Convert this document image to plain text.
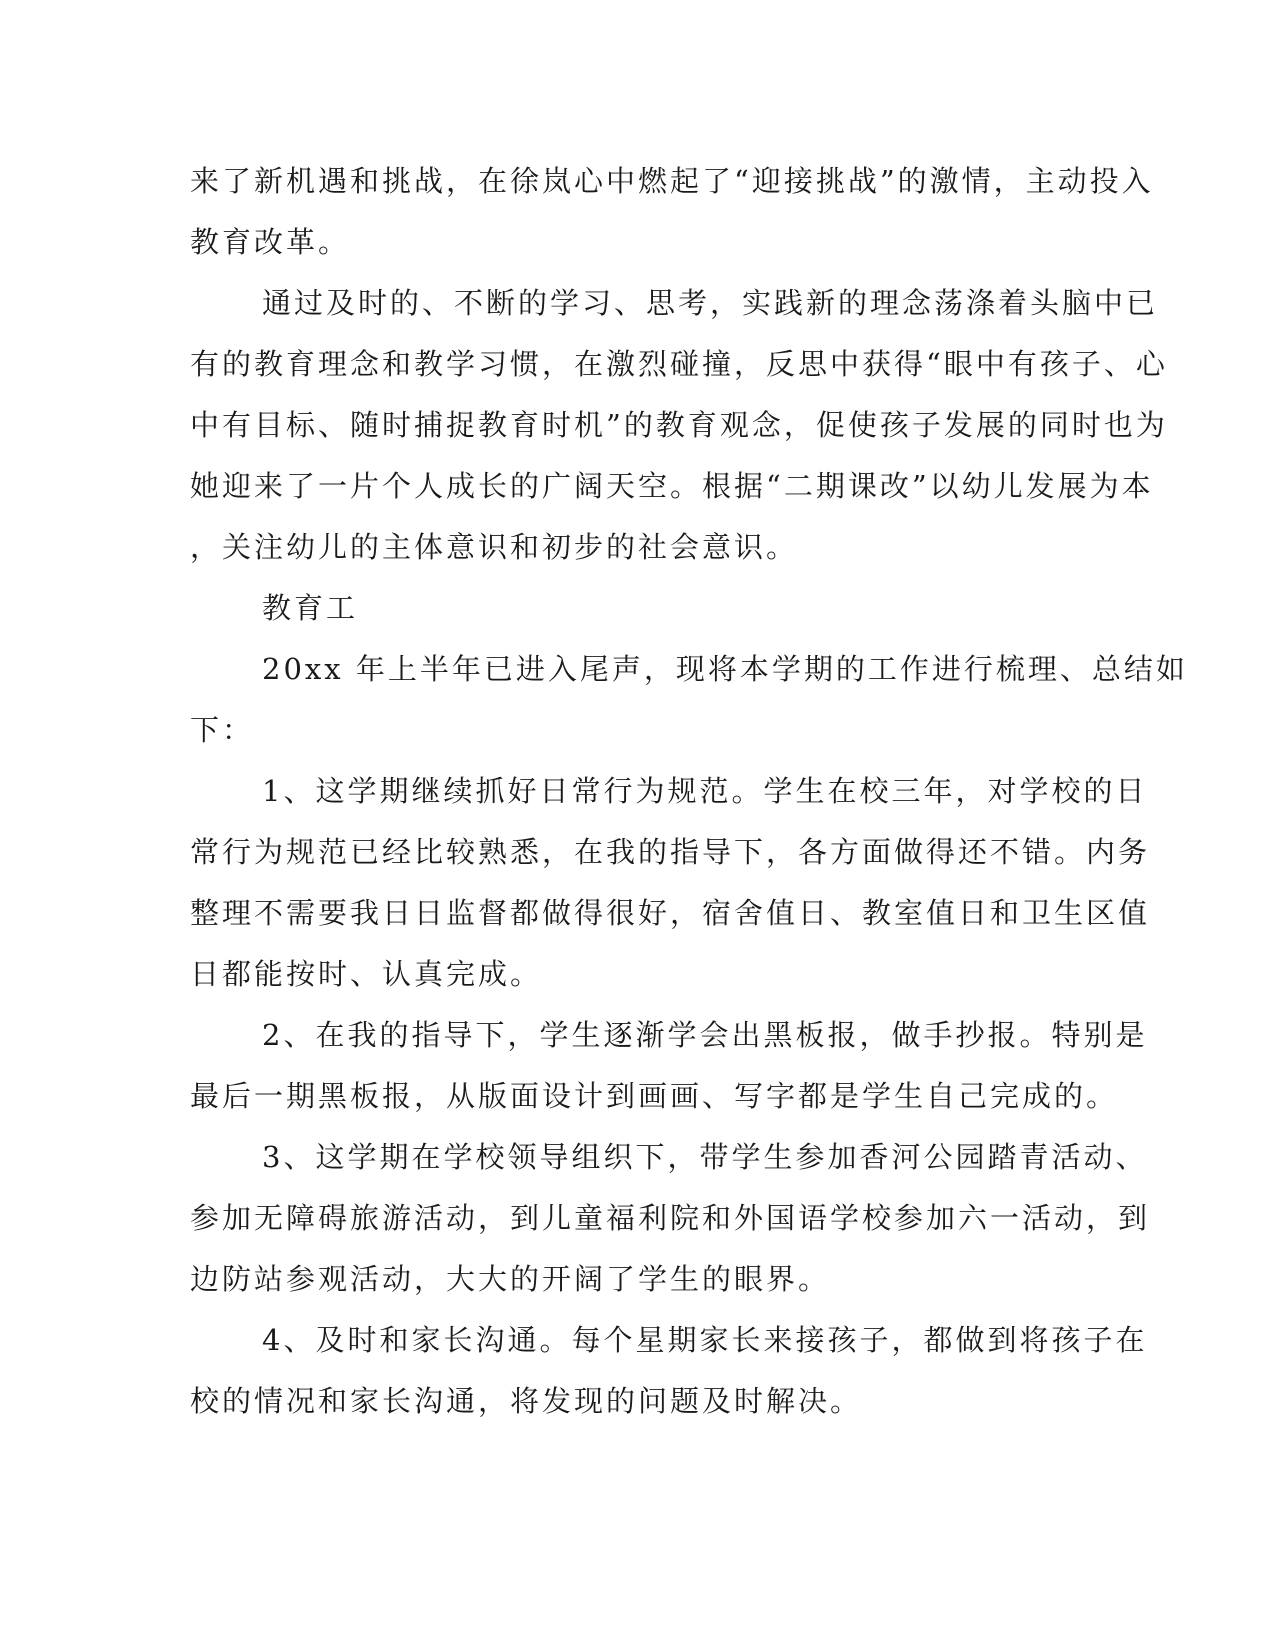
来了新机遇和挑战，在徐岚心中燃起了“迎接挑战”的激情，主动投入
教育改革。
通过及时的、不断的学习、思考，实践新的理念荡涤着头脑中已
有的教育理念和教学习惯，在激烈碰撞，反思中获得“眼中有孩子、心
中有目标、随时捕捉教育时机”的教育观念，促使孩子发展的同时也为
她迎来了一片个人成长的广阔天空。根据“二期课改”以幼儿发展为本
，关注幼儿的主体意识和初步的社会意识。
教育工
20xx 年上半年已进入尾声，现将本学期的工作进行梳理、总结如
下：
1、这学期继续抓好日常行为规范。学生在校三年，对学校的日
常行为规范已经比较熟悉，在我的指导下，各方面做得还不错。内务
整理不需要我日日监督都做得很好，宿舍值日、教室值日和卫生区值
日都能按时、认真完成。
2、在我的指导下，学生逐渐学会出黑板报，做手抄报。特别是
最后一期黑板报，从版面设计到画画、写字都是学生自己完成的。
3、这学期在学校领导组织下，带学生参加香河公园踏青活动、
参加无障碍旅游活动，到儿童福利院和外国语学校参加六一活动，到
边防站参观活动，大大的开阔了学生的眼界。
4、及时和家长沟通。每个星期家长来接孩子，都做到将孩子在
校的情况和家长沟通，将发现的问题及时解决。
